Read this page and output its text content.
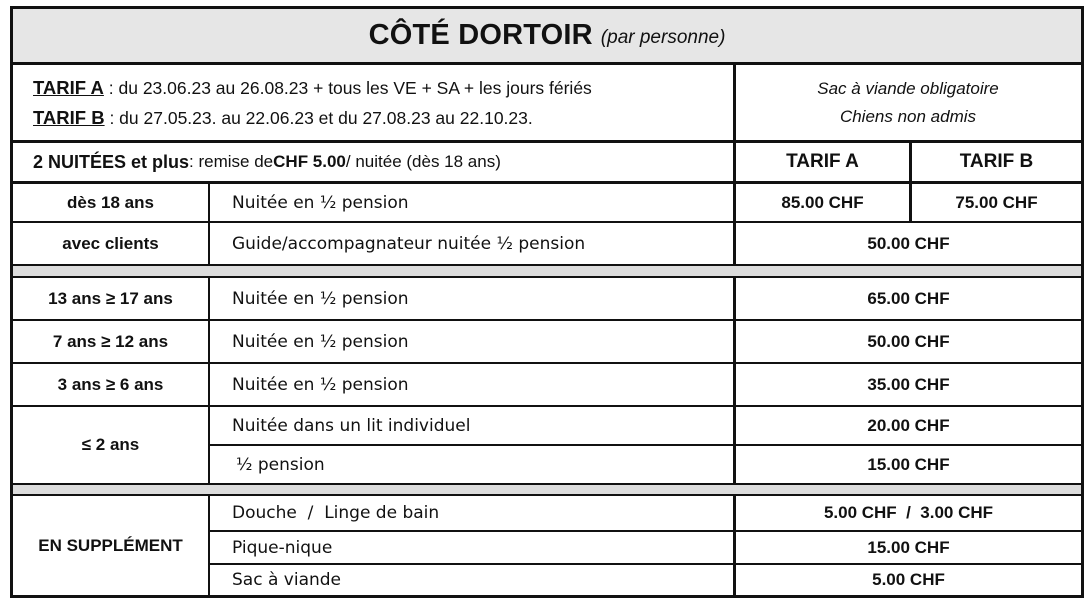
CÔTÉ DORTOIR (par personne)
TARIF A : du 23.06.23 au 26.08.23 + tous les VE + SA + les jours fériés
TARIF B : du 27.05.23. au 22.06.23 et du 27.08.23 au 22.10.23.
Sac à viande obligatoire
Chiens non admis
2 NUITÉES et plus : remise de CHF 5.00 / nuitée (dès 18 ans)	TARIF A	TARIF B
dès 18 ans	Nuitée en ½ pension	85.00 CHF	75.00 CHF
avec clients	Guide/accompagnateur nuitée ½ pension	50.00 CHF
13 ans ≥ 17 ans	Nuitée en ½ pension	65.00 CHF
7 ans ≥ 12 ans	Nuitée en ½ pension	50.00 CHF
3 ans ≥ 6 ans	Nuitée en ½ pension	35.00 CHF
≤ 2 ans
Nuitée dans un lit individuel	20.00 CHF
½ pension	15.00 CHF
EN SUPPLÉMENT
Douche  /  Linge de bain	5.00 CHF  /  3.00 CHF
Pique-nique	15.00 CHF
Sac à viande	5.00 CHF
